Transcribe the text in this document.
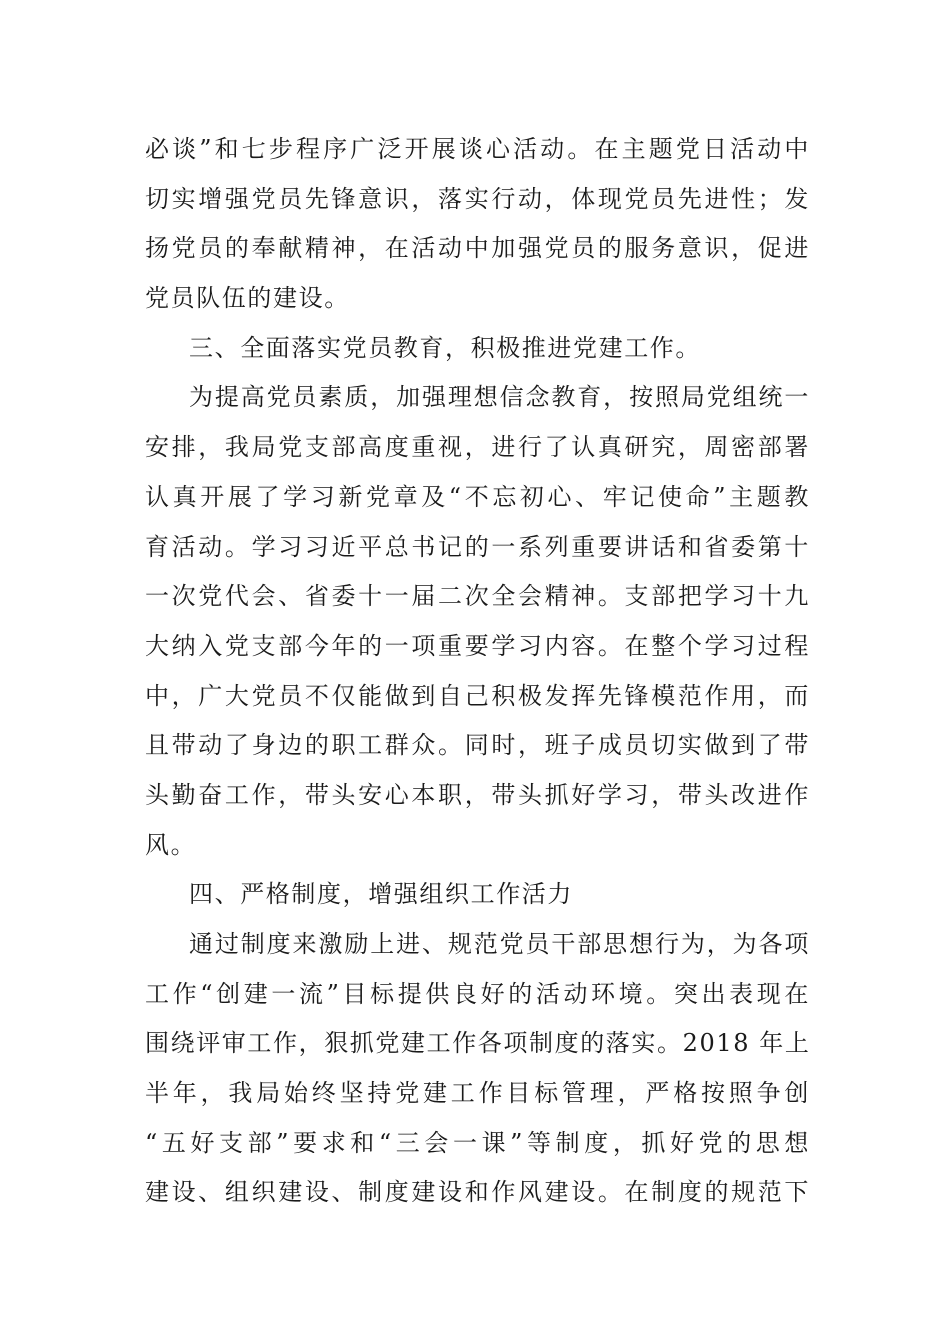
必谈”和七步程序广泛开展谈心活动。在主题党日活动中
切实增强党员先锋意识，落实行动，体现党员先进性；发
扬党员的奉献精神，在活动中加强党员的服务意识，促进
党员队伍的建设。
三、全面落实党员教育，积极推进党建工作。
为提高党员素质，加强理想信念教育，按照局党组统一
安排，我局党支部高度重视，进行了认真研究，周密部署
认真开展了学习新党章及“不忘初心、牢记使命”主题教
育活动。学习习近平总书记的一系列重要讲话和省委第十
一次党代会、省委十一届二次全会精神。支部把学习十九
大纳入党支部今年的一项重要学习内容。在整个学习过程
中，广大党员不仅能做到自己积极发挥先锋模范作用，而
且带动了身边的职工群众。同时，班子成员切实做到了带
头勤奋工作，带头安心本职，带头抓好学习，带头改进作
风。
四、严格制度，增强组织工作活力
通过制度来激励上进、规范党员干部思想行为，为各项
工作“创建一流”目标提供良好的活动环境。突出表现在
围绕评审工作，狠抓党建工作各项制度的落实。2018 年上
半年，我局始终坚持党建工作目标管理，严格按照争创
“五好支部”要求和“三会一课”等制度，抓好党的思想
建设、组织建设、制度建设和作风建设。在制度的规范下
